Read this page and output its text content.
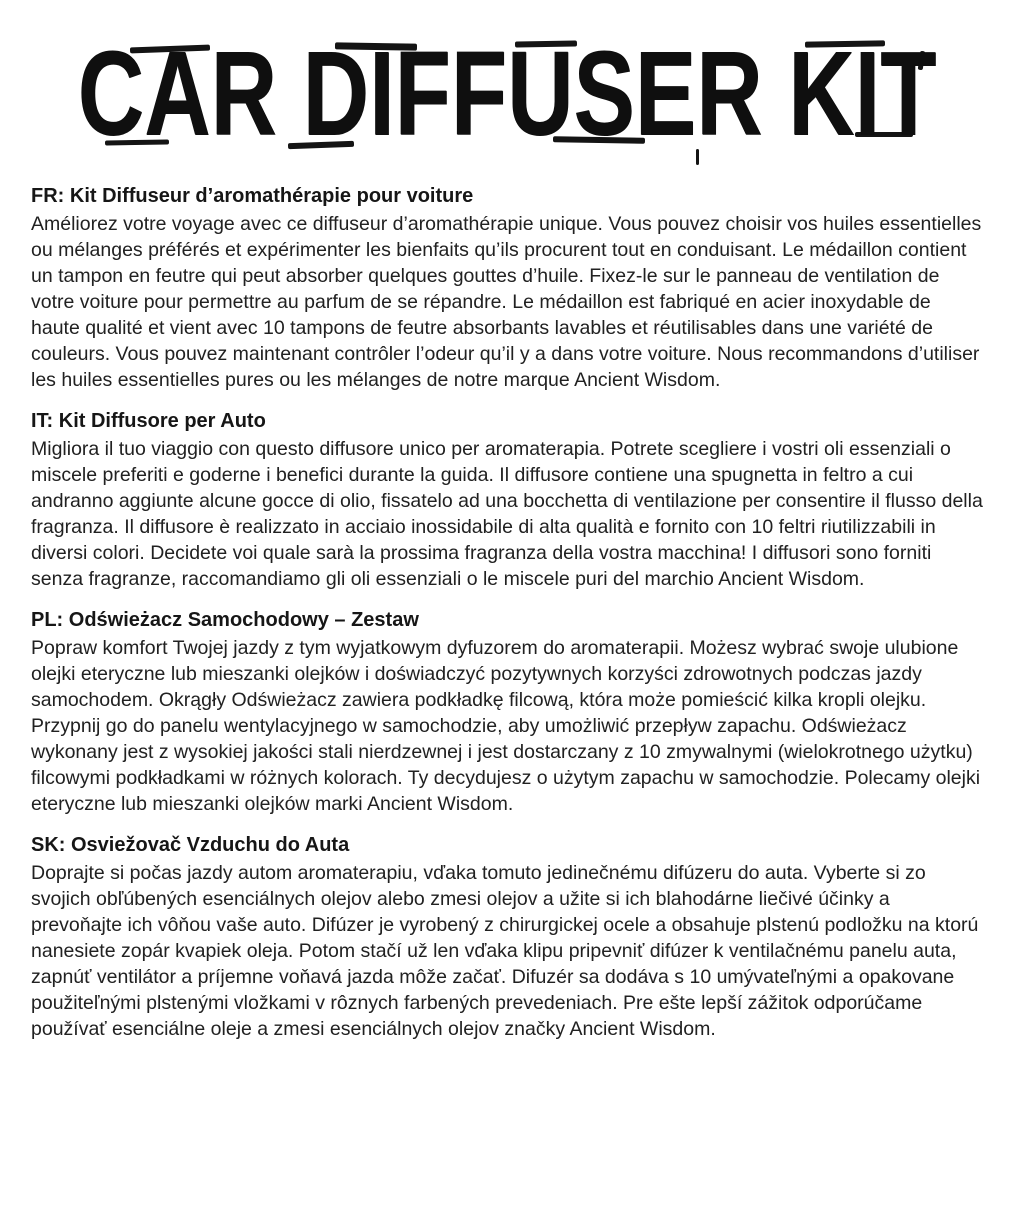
CAR DIFFUSER KIT
FR: Kit Diffuseur d’aromathérapie pour voiture

Améliorez votre voyage avec ce diffuseur d’aromathérapie unique. Vous pouvez choisir vos huiles essentielles ou mélanges préférés et expérimenter les bienfaits qu’ils procurent tout en conduisant. Le médaillon contient un tampon en feutre qui peut absorber quelques gouttes d’huile. Fixez-le sur le panneau de ventilation de votre voiture pour permettre au parfum de se répandre. Le médaillon est fabriqué en acier inoxydable de haute qualité et vient avec 10 tampons de feutre absorbants lavables et réutilisables dans une variété de couleurs. Vous pouvez maintenant contrôler l’odeur qu’il y a dans votre voiture. Nous recommandons d’utiliser les huiles essentielles pures ou les mélanges de notre marque Ancient Wisdom.

IT: Kit Diffusore per Auto

Migliora il tuo viaggio con questo diffusore unico per aromaterapia. Potrete scegliere i vostri oli essenziali o miscele preferiti e goderne i benefici durante la guida. Il diffusore contiene una spugnetta in feltro a cui andranno aggiunte alcune gocce di olio, fissatelo ad una bocchetta di ventilazione per consentire il flusso della fragranza. Il diffusore è realizzato in acciaio inossidabile di alta qualità e fornito con 10 feltri riutilizzabili in diversi colori. Decidete voi quale sarà la prossima fragranza della vostra macchina! I diffusori sono forniti senza fragranze, raccomandiamo gli oli essenziali o le miscele puri del marchio Ancient Wisdom.

PL: Odświeżacz Samochodowy – Zestaw

Popraw komfort Twojej jazdy z tym wyjatkowym dyfuzorem do aromaterapii. Możesz wybrać swoje ulubione olejki eteryczne lub mieszanki olejków i doświadczyć pozytywnych korzyści zdrowotnych podczas jazdy samochodem. Okrągły Odświeżacz zawiera podkładkę filcową, która może pomieścić kilka kropli olejku. Przypnij go do panelu wentylacyjnego w samochodzie, aby umożliwić przepływ zapachu. Odświeżacz wykonany jest z wysokiej jakości stali nierdzewnej i jest dostarczany z 10 zmywalnymi (wielokrotnego użytku) filcowymi podkładkami w różnych kolorach. Ty decydujesz o użytym zapachu w samochodzie. Polecamy olejki eteryczne lub mieszanki olejków marki Ancient Wisdom.

SK: Osviežovač Vzduchu do Auta

Doprajte si počas jazdy autom aromaterapiu, vďaka tomuto jedinečnému difúzeru do auta. Vyberte si zo svojich obľúbených esenciálnych olejov alebo zmesi olejov a užite si ich blahodárne liečivé účinky a prevoňajte ich vôňou vaše auto. Difúzer je vyrobený z chirurgickej ocele a obsahuje plstenú podložku na ktorú nanesiete zopár kvapiek oleja. Potom stačí už len vďaka klipu pripevniť difúzer k ventilačnému panelu auta, zapnúť ventilátor a príjemne voňavá jazda môže začať. Difuzér sa dodáva s 10 umývateľnými a opakovane použiteľnými plstenými vložkami v rôznych farbených prevedeniach. Pre ešte lepší zážitok odporúčame používať esenciálne oleje a zmesi esenciálnych olejov značky Ancient Wisdom.
